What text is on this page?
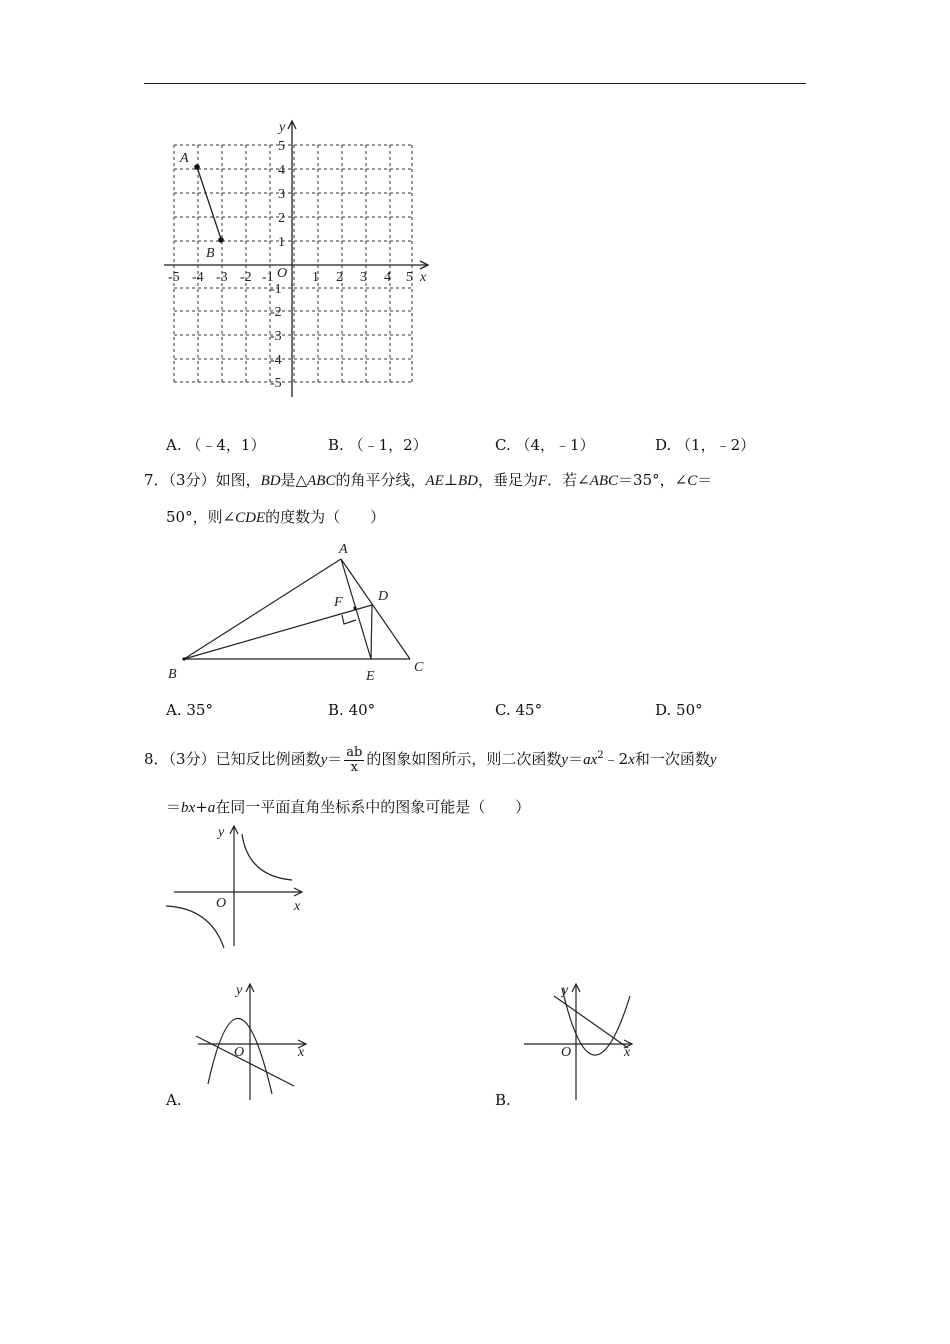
x
y
O
A
B
-5 -4 -3 -2 -1	1 2 3 4 5
5
4
3
2
1
-1
-2
-3
-4
-5
A. （﹣4，1）	B. （﹣1，2）	C. （4，﹣1）	D. （1，﹣2）
7．（3分）如图，BD是△ABC的角平分线，AE⊥BD，垂足为F．若∠ABC＝35°，∠C＝
50°，则∠CDE的度数为（　　）
A
B	C
D
E
F
A. 35°	B. 40°	C. 45°	D. 50°
8．（3分）已知反比例函数$y= \frac{ab}{x}$ 的图象如图所示，则二次函数$y=ax^2﹣2x$和一次函数y
＝bx+a在同一平面直角坐标系中的图象可能是（　　）
x
y
O
x
y
O
A.
x
y
O
B.
